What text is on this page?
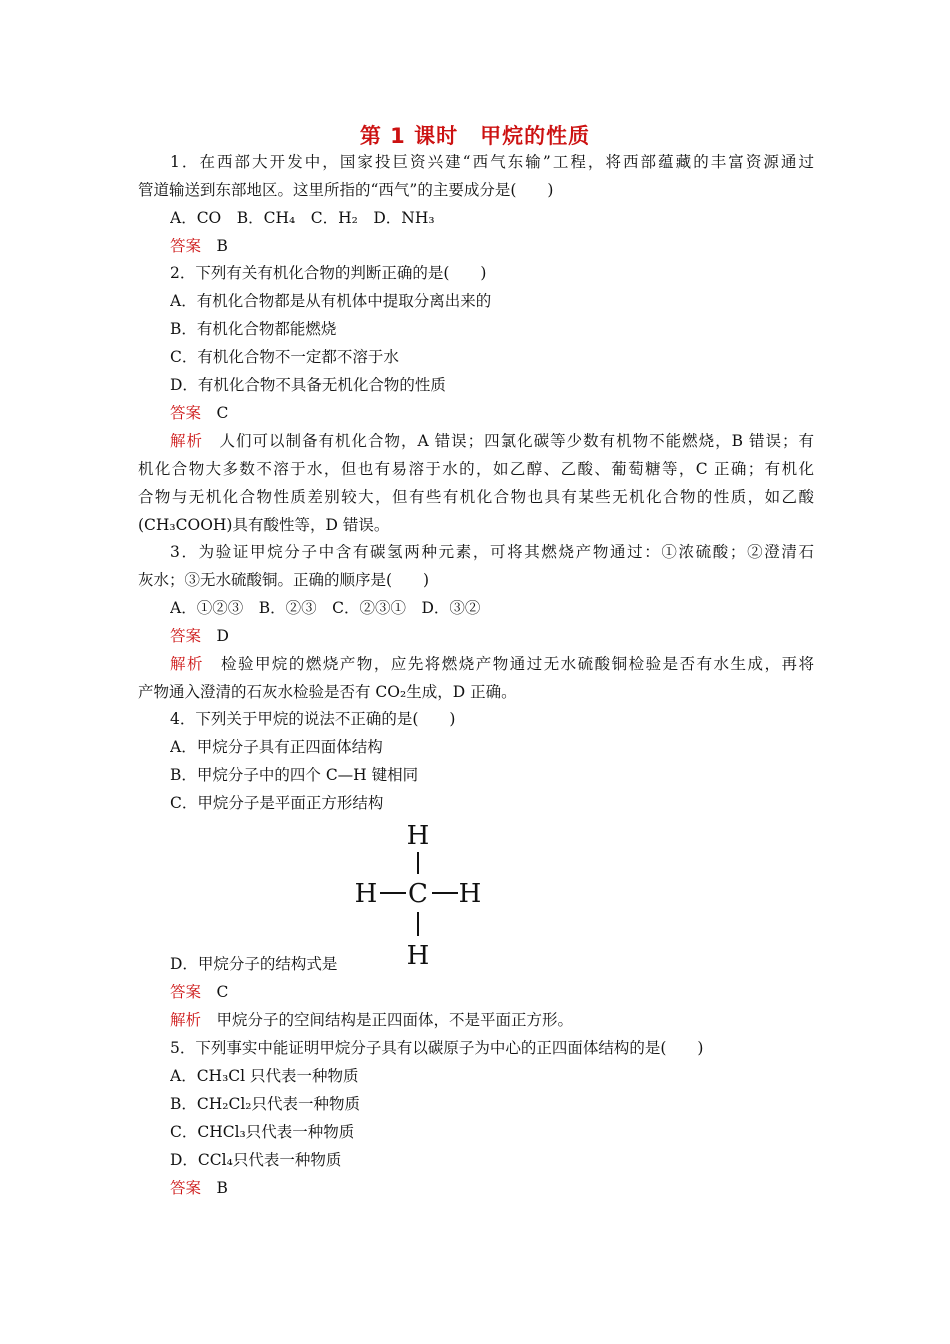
第 1 课时　甲烷的性质
1．在西部大开发中，国家投巨资兴建“西气东输”工程，将西部蕴藏的丰富资源通过
管道输送到东部地区。这里所指的“西气”的主要成分是(　　)
A．CO　B．CH₄　C．H₂　D．NH₃
答案  B
2．下列有关有机化合物的判断正确的是(　　)
A．有机化合物都是从有机体中提取分离出来的
B．有机化合物都能燃烧
C．有机化合物不一定都不溶于水
D．有机化合物不具备无机化合物的性质
答案  C
解析  人们可以制备有机化合物，A 错误；四氯化碳等少数有机物不能燃烧，B 错误；有
机化合物大多数不溶于水，但也有易溶于水的，如乙醇、乙酸、葡萄糖等，C 正确；有机化
合物与无机化合物性质差别较大，但有些有机化合物也具有某些无机化合物的性质，如乙酸
(CH₃COOH)具有酸性等，D 错误。
3．为验证甲烷分子中含有碳氢两种元素，可将其燃烧产物通过：①浓硫酸；②澄清石
灰水；③无水硫酸铜。正确的顺序是(　　)
A．①②③　B．②③　C．②③①　D．③②
答案  D
解析  检验甲烷的燃烧产物，应先将燃烧产物通过无水硫酸铜检验是否有水生成，再将
产物通入澄清的石灰水检验是否有 CO₂生成，D 正确。
4．下列关于甲烷的说法不正确的是(　　)
A．甲烷分子具有正四面体结构
B．甲烷分子中的四个 C—H 键相同
C．甲烷分子是平面正方形结构
H
H C H
H
D．甲烷分子的结构式是
答案  C
解析  甲烷分子的空间结构是正四面体，不是平面正方形。
5．下列事实中能证明甲烷分子具有以碳原子为中心的正四面体结构的是(　　)
A．CH₃Cl 只代表一种物质
B．CH₂Cl₂只代表一种物质
C．CHCl₃只代表一种物质
D．CCl₄只代表一种物质
答案  B
